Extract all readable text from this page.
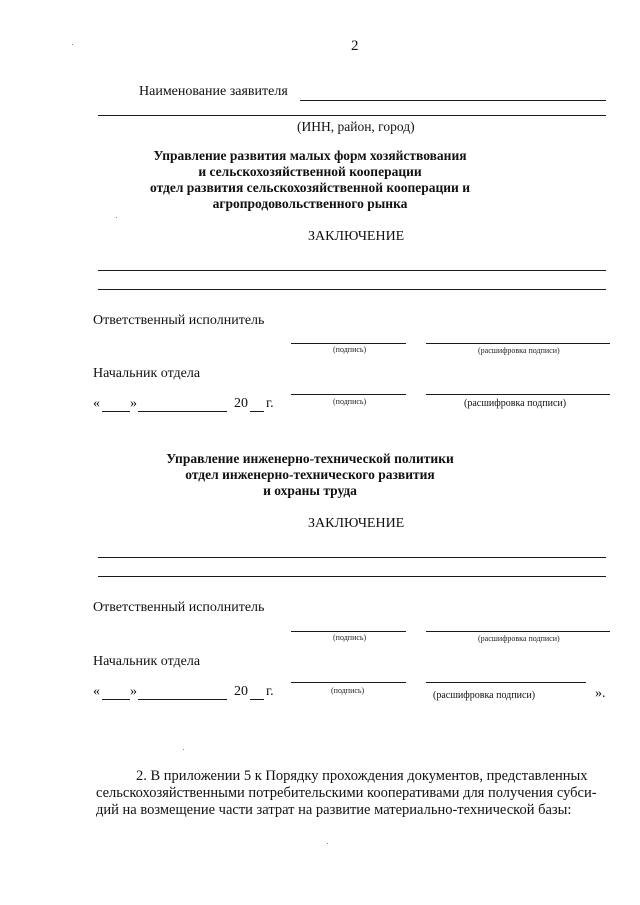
2
Наименование заявителя
(ИНН, район, город)
Управление развития малых форм хозяйствования
и сельскохозяйственной кооперации
отдел развития сельскохозяйственной кооперации и
агропродовольственного рынка
ЗАКЛЮЧЕНИЕ
Ответственный исполнитель
(подпись)	(расшифровка подписи)
Начальник отдела
« »	20 г.	(подпись)	(расшифровка подписи)
Управление инженерно-технической политики
отдел инженерно-технического развития
и охраны труда
ЗАКЛЮЧЕНИЕ
Ответственный исполнитель
(подпись)	(расшифровка подписи)
Начальник отдела
« »	20 г.	(подпись)	(расшифровка подписи)	».
2. В приложении 5 к Порядку прохождения документов, представленных
сельскохозяйственными потребительскими кооперативами для получения субси-
дий на возмещение части затрат на развитие материально-технической базы:
